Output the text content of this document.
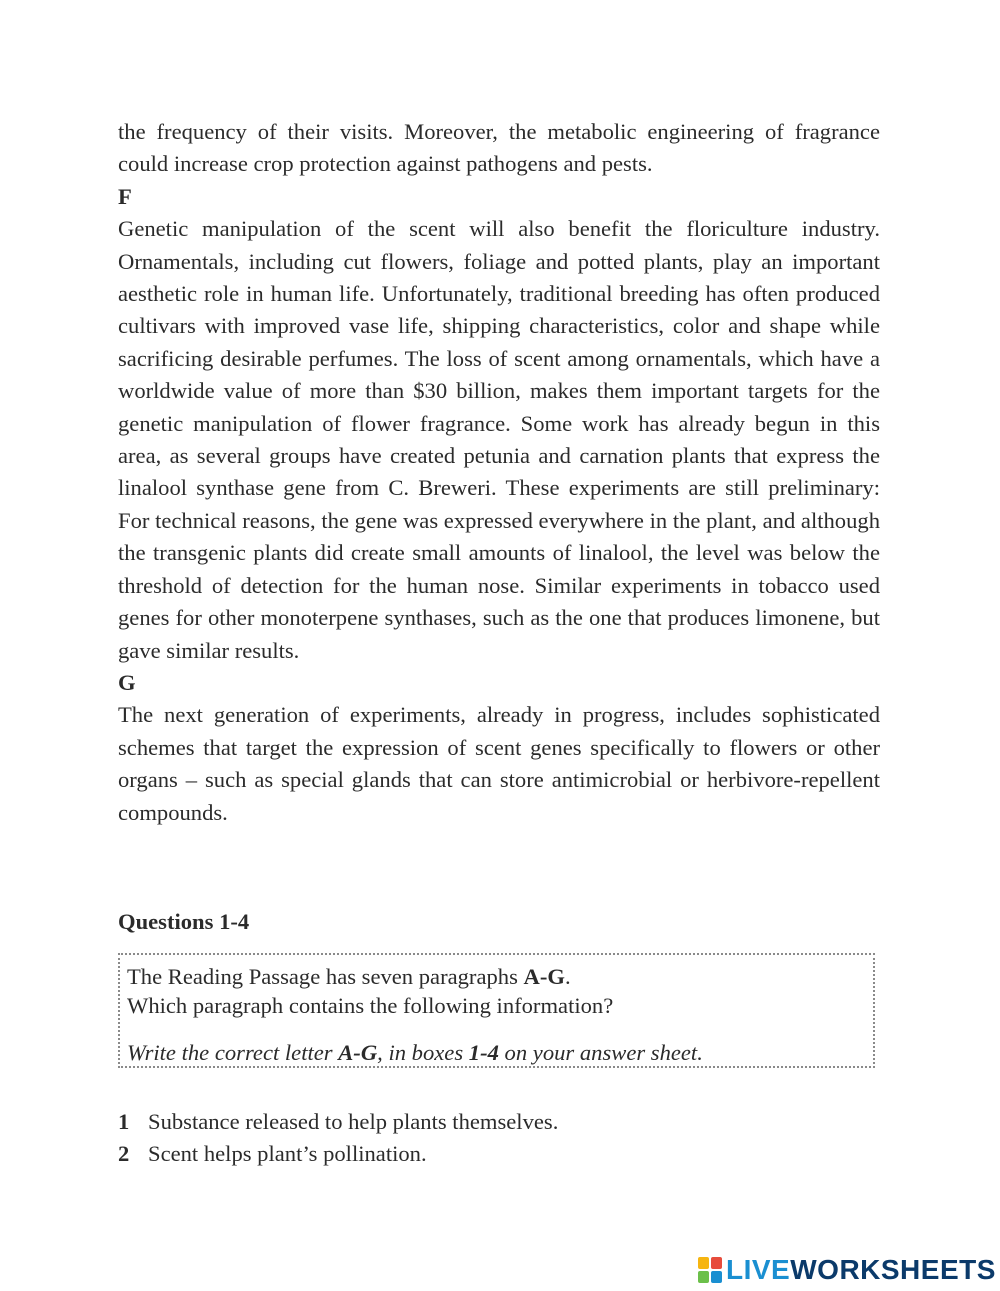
the frequency of their visits. Moreover, the metabolic engineering of fragrance could increase crop protection against pathogens and pests.

F

Genetic manipulation of the scent will also benefit the floriculture industry. Ornamentals, including cut flowers, foliage and potted plants, play an important aesthetic role in human life. Unfortunately, traditional breeding has often produced cultivars with improved vase life, shipping characteristics, color and shape while sacrificing desirable perfumes. The loss of scent among ornamentals, which have a worldwide value of more than $30 billion, makes them important targets for the genetic manipulation of flower fragrance. Some work has already begun in this area, as several groups have created petunia and carnation plants that express the linalool synthase gene from C. Breweri. These experiments are still preliminary: For technical reasons, the gene was expressed everywhere in the plant, and although the transgenic plants did create small amounts of linalool, the level was below the threshold of detection for the human nose. Similar experiments in tobacco used genes for other monoterpene synthases, such as the one that produces limonene, but gave similar results.

G

The next generation of experiments, already in progress, includes sophisticated schemes that target the expression of scent genes specifically to flowers or other organs – such as special glands that can store antimicrobial or herbivore-repellent compounds.

Questions 1-4

The Reading Passage has seven paragraphs A-G.

Which paragraph contains the following information?

Write the correct letter A-G, in boxes 1-4 on your answer sheet.

1 Substance released to help plants themselves.
2 Scent helps plant’s pollination.
LIVEWORKSHEETS
